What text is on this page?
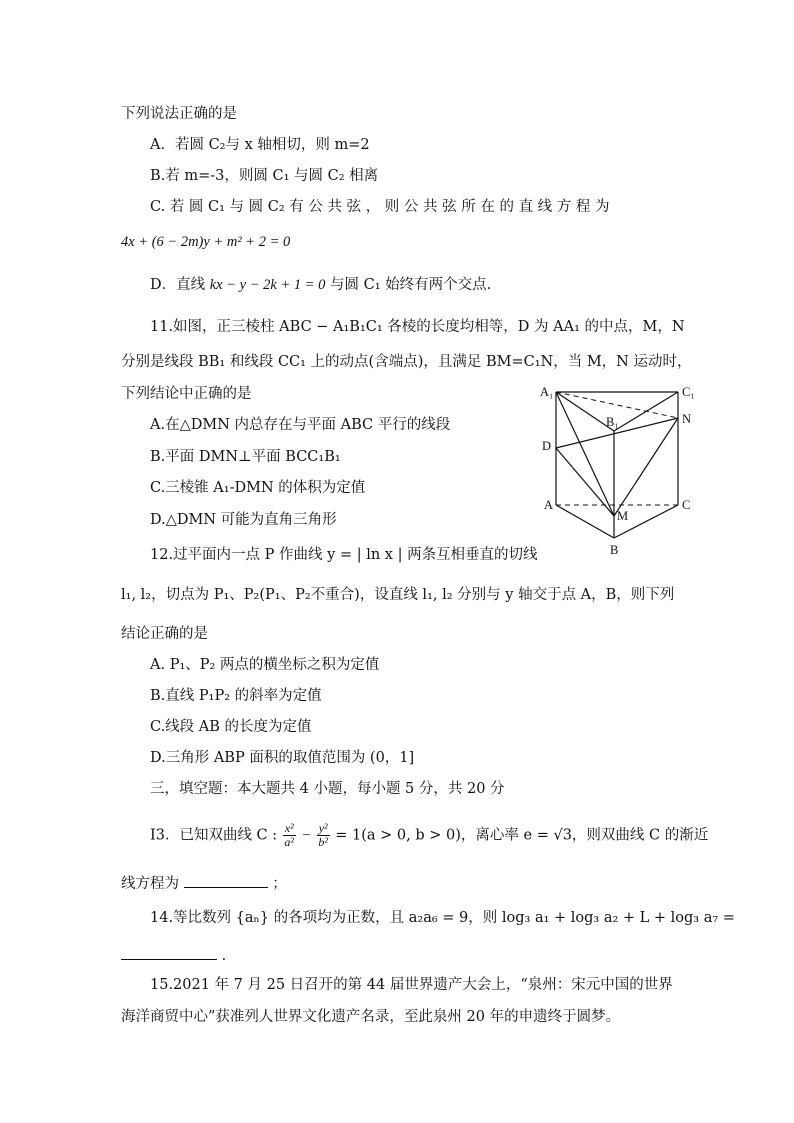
下列说法正确的是
A．若圆 C₂与 x 轴相切，则 m=2
B.若 m=-3，则圆 C₁ 与圆 C₂ 相离
C. 若 圆 C₁ 与 圆 C₂ 有 公 共 弦 ， 则 公 共 弦 所 在 的 直 线 方 程 为
4x + (6 − 2m)y + m² + 2 = 0
D．直线 kx − y − 2k + 1 = 0 与圆 C₁ 始终有两个交点.
11.如图，正三棱柱 ABC − A₁B₁C₁ 各棱的长度均相等，D 为 AA₁ 的中点，M，N
分别是线段 BB₁ 和线段 CC₁ 上的动点(含端点)，且满足 BM=C₁N，当 M，N 运动时，
下列结论中正确的是
A.在△DMN 内总存在与平面 ABC 平行的线段
B.平面 DMN⊥平面 BCC₁B₁
C.三棱锥 A₁-DMN 的体积为定值
D.△DMN 可能为直角三角形
12.过平面内一点 P 作曲线 y = | ln x | 两条互相垂直的切线
l₁, l₂，切点为 P₁、P₂(P₁、P₂不重合)，设直线 l₁, l₂ 分别与 y 轴交于点 A，B，则下列
结论正确的是
A. P₁、P₂ 两点的横坐标之积为定值
B.直线 P₁P₂ 的斜率为定值
C.线段 AB 的长度为定值
D.三角形 ABP 面积的取值范围为 (0，1]
三，填空题：本大题共 4 小题，每小题 5 分，共 20 分
I3．已知双曲线 C : $\frac{\text{x²}}{\text{a²}} - \frac{\text{y²}}{\text{b²}} = 1(a > 0$, b > 0)，离心率 e = √3，则双曲线 C 的渐近
线方程为	；
14.等比数列 {aₙ} 的各项均为正数，且 a₂a₆ = 9，则 log₃ a₁ + log₃ a₂ + L + log₃ a₇ =
.
15.2021 年 7 月 25 日召开的第 44 届世界遗产大会上，“泉州：宋元中国的世界
海洋商贸中心”获准列人世界文化遗产名录，至此泉州 20 年的申遗终于圆梦。
A₁	C₁
B₁	N
D
A	C
M
B
